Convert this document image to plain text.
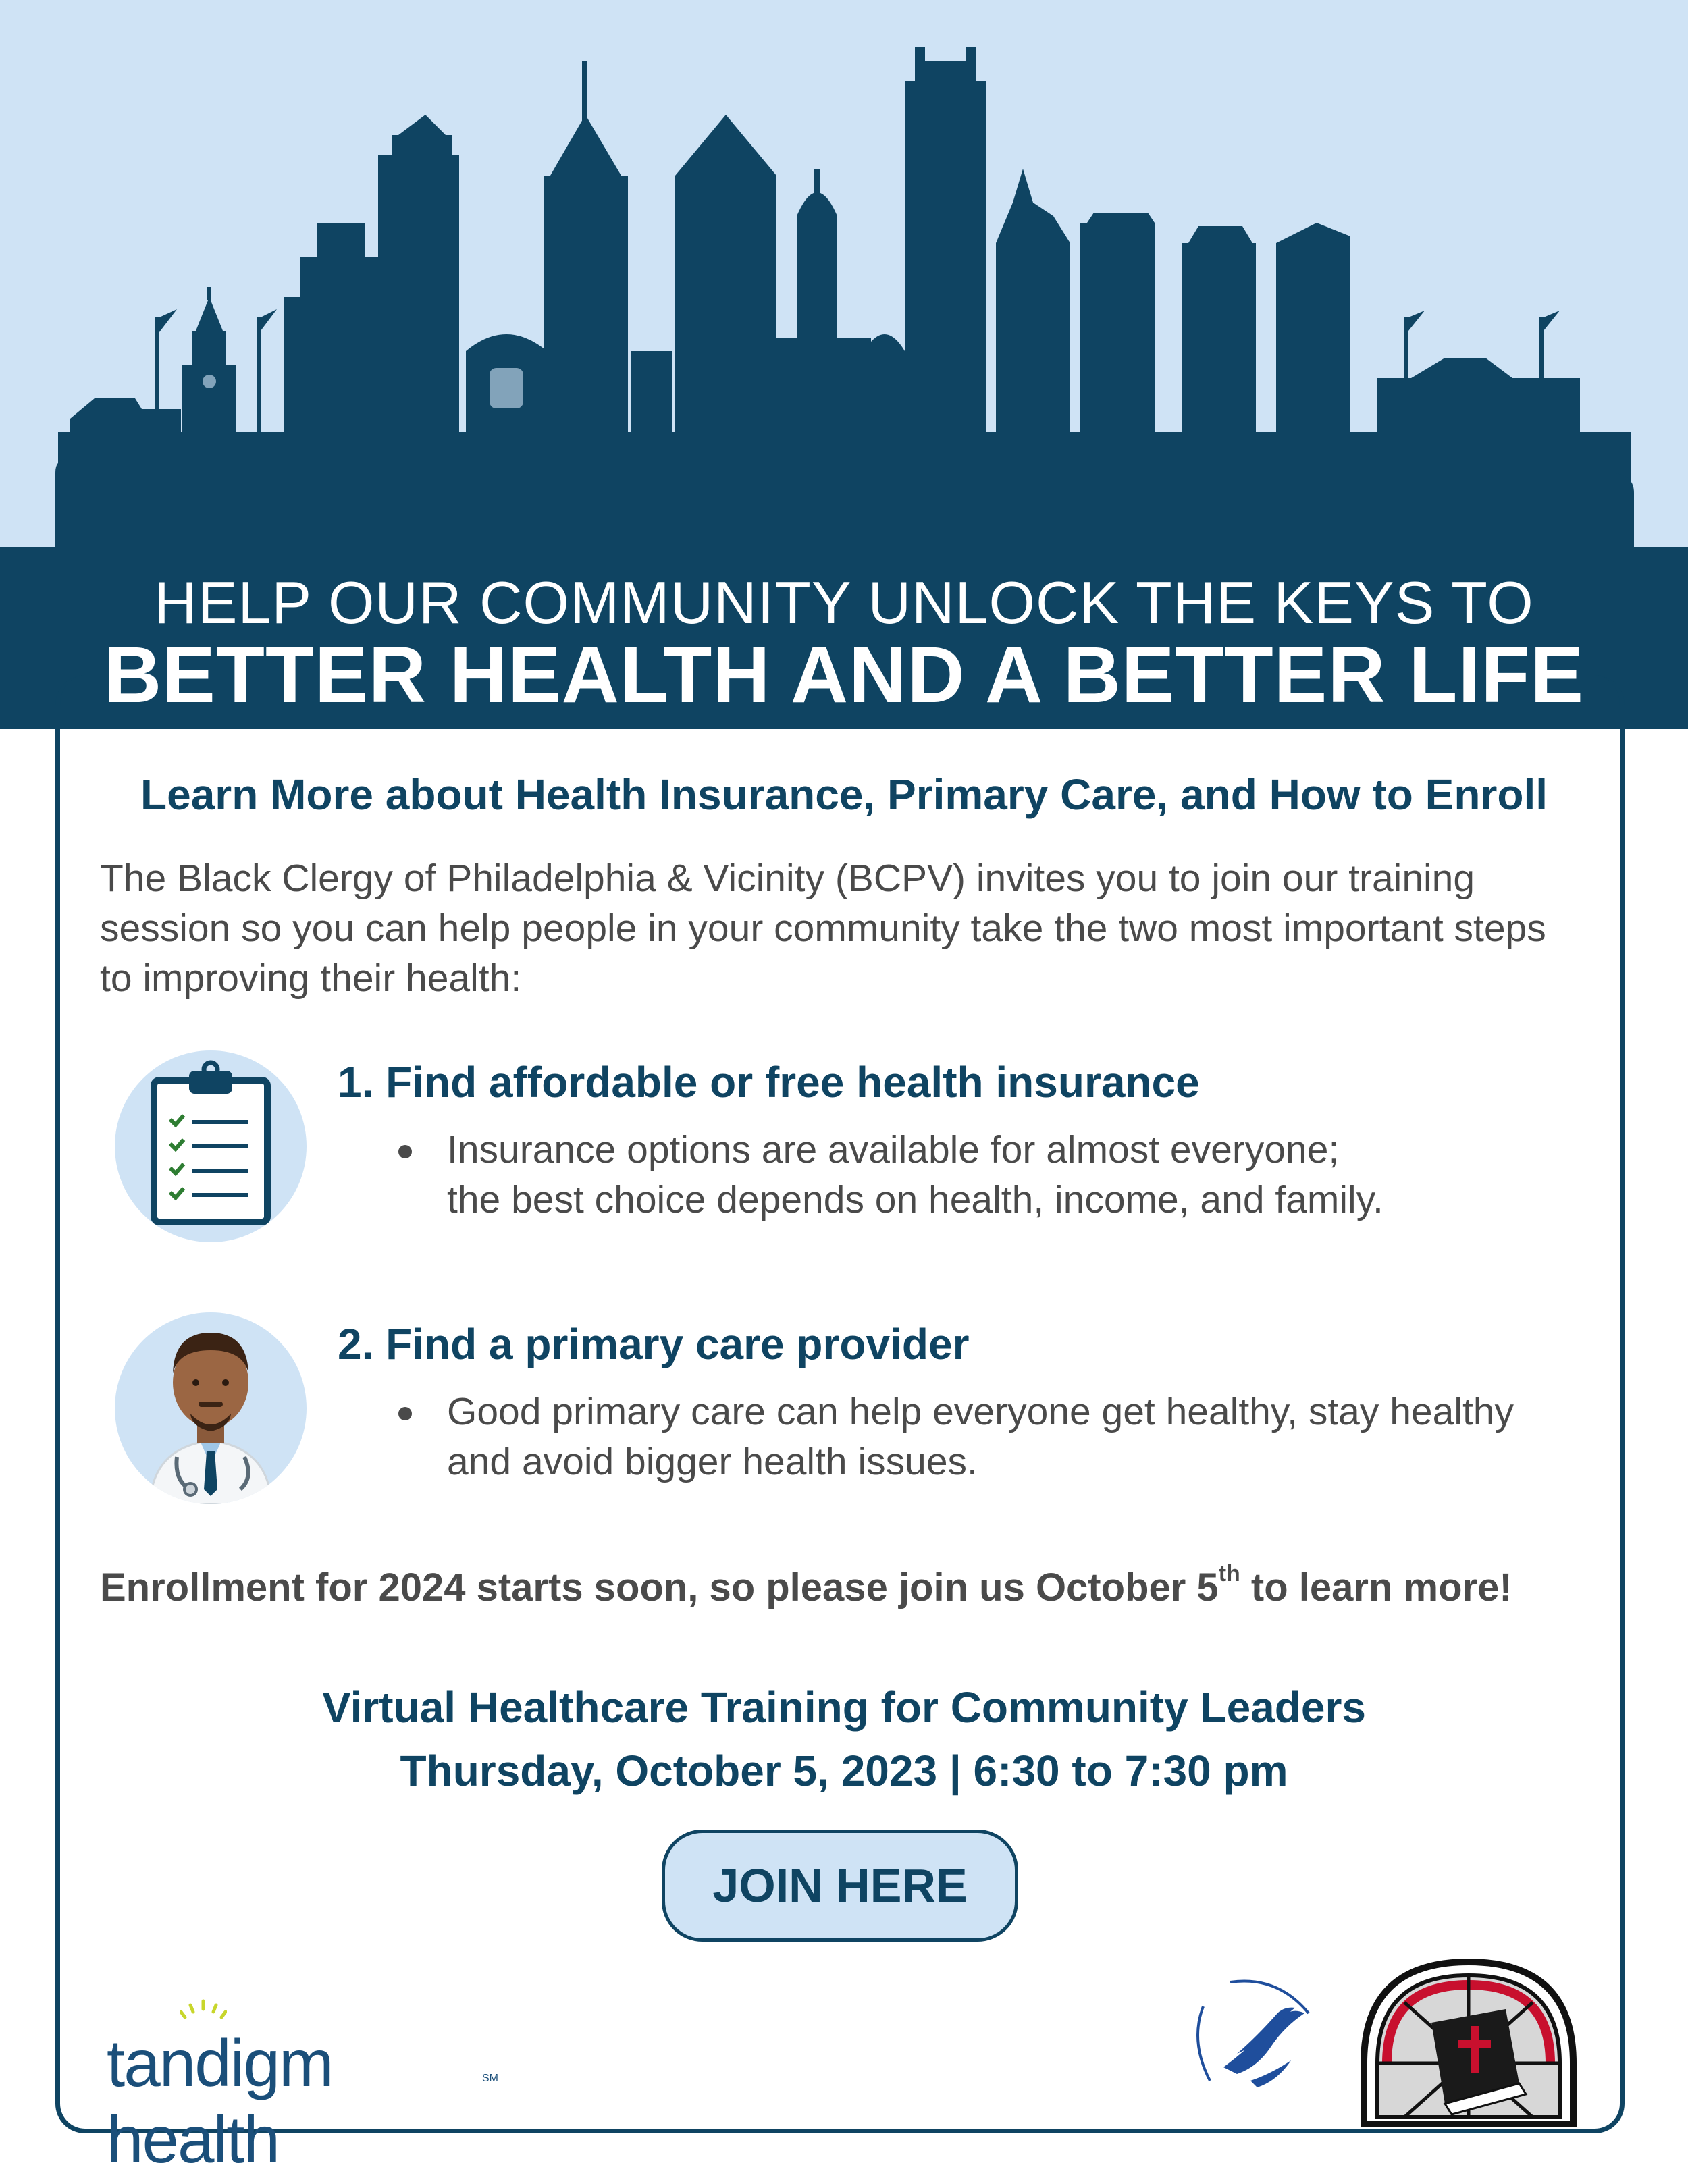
HELP OUR COMMUNITY UNLOCK THE KEYS TO
BETTER HEALTH AND A BETTER LIFE
Learn More about Health Insurance, Primary Care, and How to Enroll
The Black Clergy of Philadelphia & Vicinity (BCPV) invites you to join our training session so you can help people in your community take the two most important steps to improving their health:
1. Find affordable or free health insurance
Insurance options are available for almost everyone;
the best choice depends on health, income, and family.
2. Find a primary care provider
Good primary care can help everyone get healthy, stay healthy
and avoid bigger health issues.
Enrollment for 2024 starts soon, so please join us October 5th to learn more!
Virtual Healthcare Training for Community Leaders
Thursday, October 5, 2023 | 6:30 to 7:30 pm
JOIN HERE
tandigm health
SM
